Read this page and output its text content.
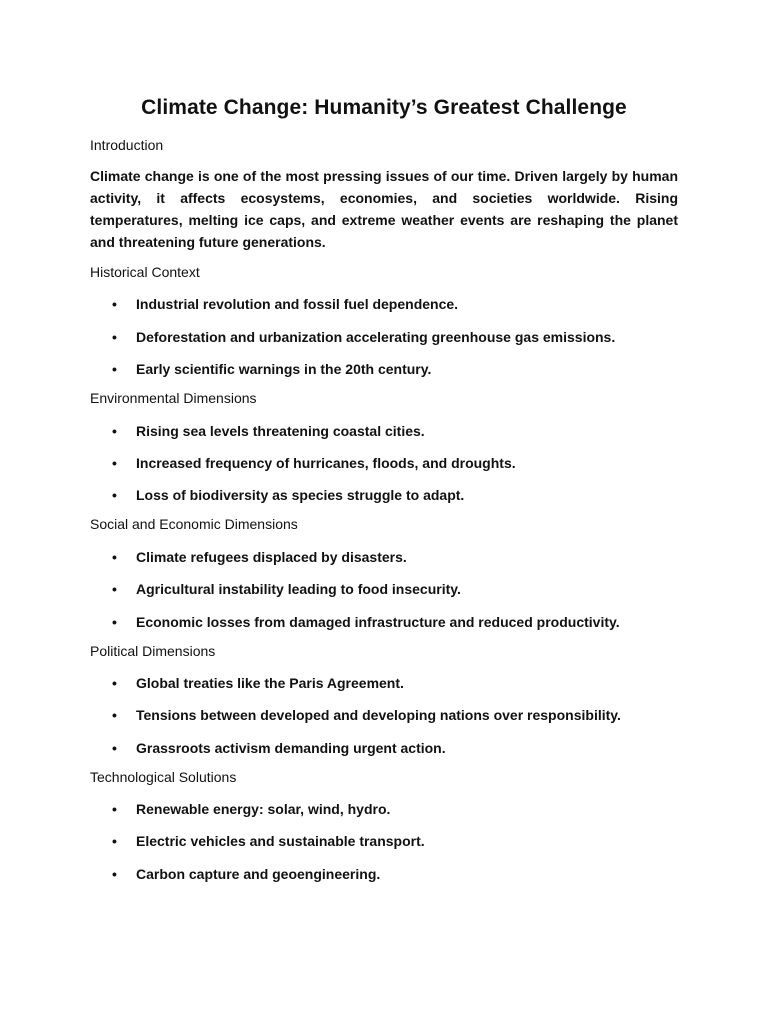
Climate Change: Humanity’s Greatest Challenge

Introduction

Climate change is one of the most pressing issues of our time. Driven largely by human activity, it affects ecosystems, economies, and societies worldwide. Rising temperatures, melting ice caps, and extreme weather events are reshaping the planet and threatening future generations.

Historical Context

• Industrial revolution and fossil fuel dependence.
• Deforestation and urbanization accelerating greenhouse gas emissions.
• Early scientific warnings in the 20th century.

Environmental Dimensions

• Rising sea levels threatening coastal cities.
• Increased frequency of hurricanes, floods, and droughts.
• Loss of biodiversity as species struggle to adapt.

Social and Economic Dimensions

• Climate refugees displaced by disasters.
• Agricultural instability leading to food insecurity.
• Economic losses from damaged infrastructure and reduced productivity.

Political Dimensions

• Global treaties like the Paris Agreement.
• Tensions between developed and developing nations over responsibility.
• Grassroots activism demanding urgent action.

Technological Solutions

• Renewable energy: solar, wind, hydro.
• Electric vehicles and sustainable transport.
• Carbon capture and geoengineering.
